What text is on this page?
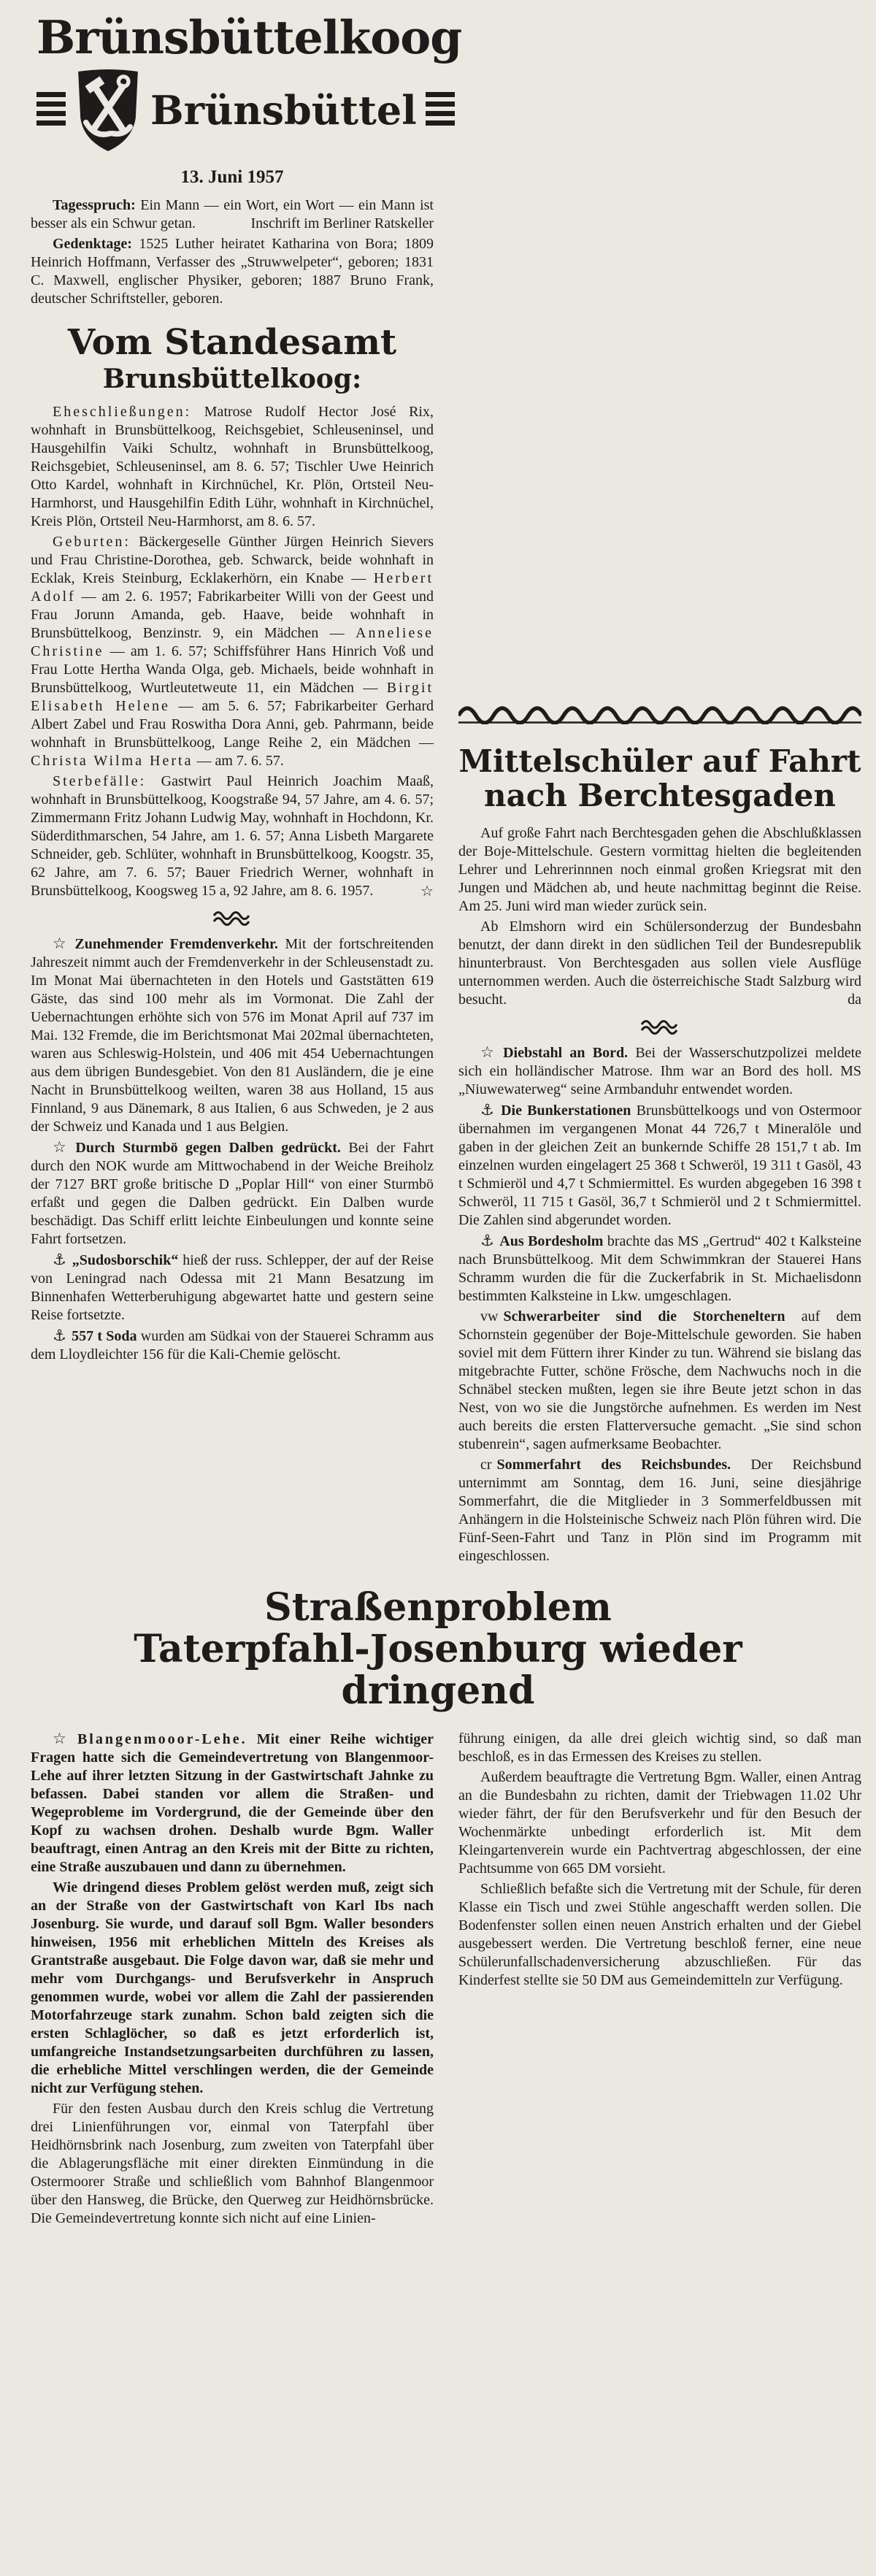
Brünsbüttelkoog
Brünsbüttel
13. Juni 1957

Tagesspruch: Ein Mann — ein Wort, ein Wort — ein Mann ist besser als ein Schwur getan.	Inschrift im Berliner Ratskeller

Gedenktage: 1525 Luther heiratet Katharina von Bora; 1809 Heinrich Hoffmann, Verfasser des „Struwwelpeter“, geboren; 1831 C. Maxwell, englischer Physiker, geboren; 1887 Bruno Frank, deutscher Schriftsteller, geboren.

Vom Standesamt
Brunsbüttelkoog:

Eheschließungen: Matrose Rudolf Hector José Rix, wohnhaft in Brunsbüttelkoog, Reichsgebiet, Schleuseninsel, und Hausgehilfin Vaiki Schultz, wohnhaft in Brunsbüttelkoog, Reichsgebiet, Schleuseninsel, am 8. 6. 57; Tischler Uwe Heinrich Otto Kardel, wohnhaft in Kirchnüchel, Kr. Plön, Ortsteil Neu-Harmhorst, und Hausgehilfin Edith Lühr, wohnhaft in Kirchnüchel, Kreis Plön, Ortsteil Neu-Harmhorst, am 8. 6. 57.

Geburten: Bäckergeselle Günther Jürgen Heinrich Sievers und Frau Christine-Dorothea, geb. Schwarck, beide wohnhaft in Ecklak, Kreis Steinburg, Ecklakerhörn, ein Knabe — Herbert Adolf — am 2. 6. 1957; Fabrikarbeiter Willi von der Geest und Frau Jorunn Amanda, geb. Haave, beide wohnhaft in Brunsbüttelkoog, Benzinstr. 9, ein Mädchen — Anneliese Christine — am 1. 6. 57; Schiffsführer Hans Hinrich Voß und Frau Lotte Hertha Wanda Olga, geb. Michaels, beide wohnhaft in Brunsbüttelkoog, Wurtleutetweute 11, ein Mädchen — Birgit Elisabeth Helene — am 5. 6. 57; Fabrikarbeiter Gerhard Albert Zabel und Frau Roswitha Dora Anni, geb. Pahrmann, beide wohnhaft in Brunsbüttelkoog, Lange Reihe 2, ein Mädchen — Christa Wilma Herta — am 7. 6. 57.

Sterbefälle: Gastwirt Paul Heinrich Joachim Maaß, wohnhaft in Brunsbüttelkoog, Koogstraße 94, 57 Jahre, am 4. 6. 57; Zimmermann Fritz Johann Ludwig May, wohnhaft in Hochdonn, Kr. Süderdithmarschen, 54 Jahre, am 1. 6. 57; Anna Lisbeth Margarete Schneider, geb. Schlüter, wohnhaft in Brunsbüttelkoog, Koogstr. 35, 62 Jahre, am 7. 6. 57; Bauer Friedrich Werner, wohnhaft in Brunsbüttelkoog, Koogsweg 15 a, 92 Jahre, am 8. 6. 1957.	☆

☆ Zunehmender Fremdenverkehr. Mit der fortschreitenden Jahreszeit nimmt auch der Fremdenverkehr in der Schleusenstadt zu. Im Monat Mai übernachteten in den Hotels und Gaststätten 619 Gäste, das sind 100 mehr als im Vormonat. Die Zahl der Uebernachtungen erhöhte sich von 576 im Monat April auf 737 im Mai. 132 Fremde, die im Berichtsmonat Mai 202mal übernachteten, waren aus Schleswig-Holstein, und 406 mit 454 Uebernachtungen aus dem übrigen Bundesgebiet. Von den 81 Ausländern, die je eine Nacht in Brunsbüttelkoog weilten, waren 38 aus Holland, 15 aus Finnland, 9 aus Dänemark, 8 aus Italien, 6 aus Schweden, je 2 aus der Schweiz und Kanada und 1 aus Belgien.

☆ Durch Sturmbö gegen Dalben gedrückt. Bei der Fahrt durch den NOK wurde am Mittwochabend in der Weiche Breiholz der 7127 BRT große britische D „Poplar Hill“ von einer Sturmbö erfaßt und gegen die Dalben gedrückt. Ein Dalben wurde beschädigt. Das Schiff erlitt leichte Einbeulungen und konnte seine Fahrt fortsetzen.

⚓ „Sudosborschik“ hieß der russ. Schlepper, der auf der Reise von Leningrad nach Odessa mit 21 Mann Besatzung im Binnenhafen Wetterberuhigung abgewartet hatte und gestern seine Reise fortsetzte.

⚓ 557 t Soda wurden am Südkai von der Stauerei Schramm aus dem Lloydleichter 156 für die Kali-Chemie gelöscht.

Mittelschüler auf Fahrt
nach Berchtesgaden

Auf große Fahrt nach Berchtesgaden gehen die Abschlußklassen der Boje-Mittelschule. Gestern vormittag hielten die begleitenden Lehrer und Lehrerinnnen noch einmal großen Kriegsrat mit den Jungen und Mädchen ab, und heute nachmittag beginnt die Reise. Am 25. Juni wird man wieder zurück sein.

Ab Elmshorn wird ein Schülersonderzug der Bundesbahn benutzt, der dann direkt in den südlichen Teil der Bundesrepublik hinunterbraust. Von Berchtesgaden aus sollen viele Ausflüge unternommen werden. Auch die österreichische Stadt Salzburg wird besucht.	da

☆ Diebstahl an Bord. Bei der Wasserschutzpolizei meldete sich ein holländischer Matrose. Ihm war an Bord des holl. MS „Niuwewaterweg“ seine Armbanduhr entwendet worden.

⚓ Die Bunkerstationen Brunsbüttelkoogs und von Ostermoor übernahmen im vergangenen Monat 44 726,7 t Mineralöle und gaben in der gleichen Zeit an bunkernde Schiffe 28 151,7 t ab. Im einzelnen wurden eingelagert 25 368 t Schweröl, 19 311 t Gasöl, 43 t Schmieröl und 4,7 t Schmiermittel. Es wurden abgegeben 16 398 t Schweröl, 11 715 t Gasöl, 36,7 t Schmieröl und 2 t Schmiermittel. Die Zahlen sind abgerundet worden.

⚓ Aus Bordesholm brachte das MS „Gertrud“ 402 t Kalksteine nach Brunsbüttelkoog. Mit dem Schwimmkran der Stauerei Hans Schramm wurden die für die Zuckerfabrik in St. Michaelisdonn bestimmten Kalksteine in Lkw. umgeschlagen.

vw Schwerarbeiter sind die Storcheneltern auf dem Schornstein gegenüber der Boje-Mittelschule geworden. Sie haben soviel mit dem Füttern ihrer Kinder zu tun. Während sie bislang das mitgebrachte Futter, schöne Frösche, dem Nachwuchs noch in die Schnäbel stecken mußten, legen sie ihre Beute jetzt schon in das Nest, von wo sie die Jungstörche aufnehmen. Es werden im Nest auch bereits die ersten Flatterversuche gemacht. „Sie sind schon stubenrein“, sagen aufmerksame Beobachter.

cr Sommerfahrt des Reichsbundes. Der Reichsbund unternimmt am Sonntag, dem 16. Juni, seine diesjährige Sommerfahrt, die die Mitglieder in 3 Sommerfeldbussen mit Anhängern in die Holsteinische Schweiz nach Plön führen wird. Die Fünf-Seen-Fahrt und Tanz in Plön sind im Programm mit eingeschlossen.

Straßenproblem
Taterpfahl-Josenburg wieder dringend

☆ Blangenmooor-Lehe. Mit einer Reihe wichtiger Fragen hatte sich die Gemeindevertretung von Blangenmoor-Lehe auf ihrer letzten Sitzung in der Gastwirtschaft Jahnke zu befassen. Dabei standen vor allem die Straßen- und Wegeprobleme im Vordergrund, die der Gemeinde über den Kopf zu wachsen drohen. Deshalb wurde Bgm. Waller beauftragt, einen Antrag an den Kreis mit der Bitte zu richten, eine Straße auszubauen und dann zu übernehmen.

Wie dringend dieses Problem gelöst werden muß, zeigt sich an der Straße von der Gastwirtschaft von Karl Ibs nach Josenburg. Sie wurde, und darauf soll Bgm. Waller besonders hinweisen, 1956 mit erheblichen Mitteln des Kreises als Grantstraße ausgebaut. Die Folge davon war, daß sie mehr und mehr vom Durchgangs- und Berufsverkehr in Anspruch genommen wurde, wobei vor allem die Zahl der passierenden Motorfahrzeuge stark zunahm. Schon bald zeigten sich die ersten Schlaglöcher, so daß es jetzt erforderlich ist, umfangreiche Instandsetzungsarbeiten durchführen zu lassen, die erhebliche Mittel verschlingen werden, die der Gemeinde nicht zur Verfügung stehen.

Für den festen Ausbau durch den Kreis schlug die Vertretung drei Linienführungen vor, einmal von Taterpfahl über Heidhörnsbrink nach Josenburg, zum zweiten von Taterpfahl über die Ablagerungsfläche mit einer direkten Einmündung in die Ostermoorer Straße und schließlich vom Bahnhof Blangenmoor über den Hansweg, die Brücke, den Querweg zur Heidhörnsbrücke. Die Gemeindevertretung konnte sich nicht auf eine Linien-

führung einigen, da alle drei gleich wichtig sind, so daß man beschloß, es in das Ermessen des Kreises zu stellen.

Außerdem beauftragte die Vertretung Bgm. Waller, einen Antrag an die Bundesbahn zu richten, damit der Triebwagen 11.02 Uhr wieder fährt, der für den Berufsverkehr und für den Besuch der Wochenmärkte unbedingt erforderlich ist. Mit dem Kleingartenverein wurde ein Pachtvertrag abgeschlossen, der eine Pachtsumme von 665 DM vorsieht.

Schließlich befaßte sich die Vertretung mit der Schule, für deren Klasse ein Tisch und zwei Stühle angeschafft werden sollen. Die Bodenfenster sollen einen neuen Anstrich erhalten und der Giebel ausgebessert werden. Die Vertretung beschloß ferner, eine neue Schülerunfallschadenversicherung abzuschließen. Für das Kinderfest stellte sie 50 DM aus Gemeindemitteln zur Verfügung.
